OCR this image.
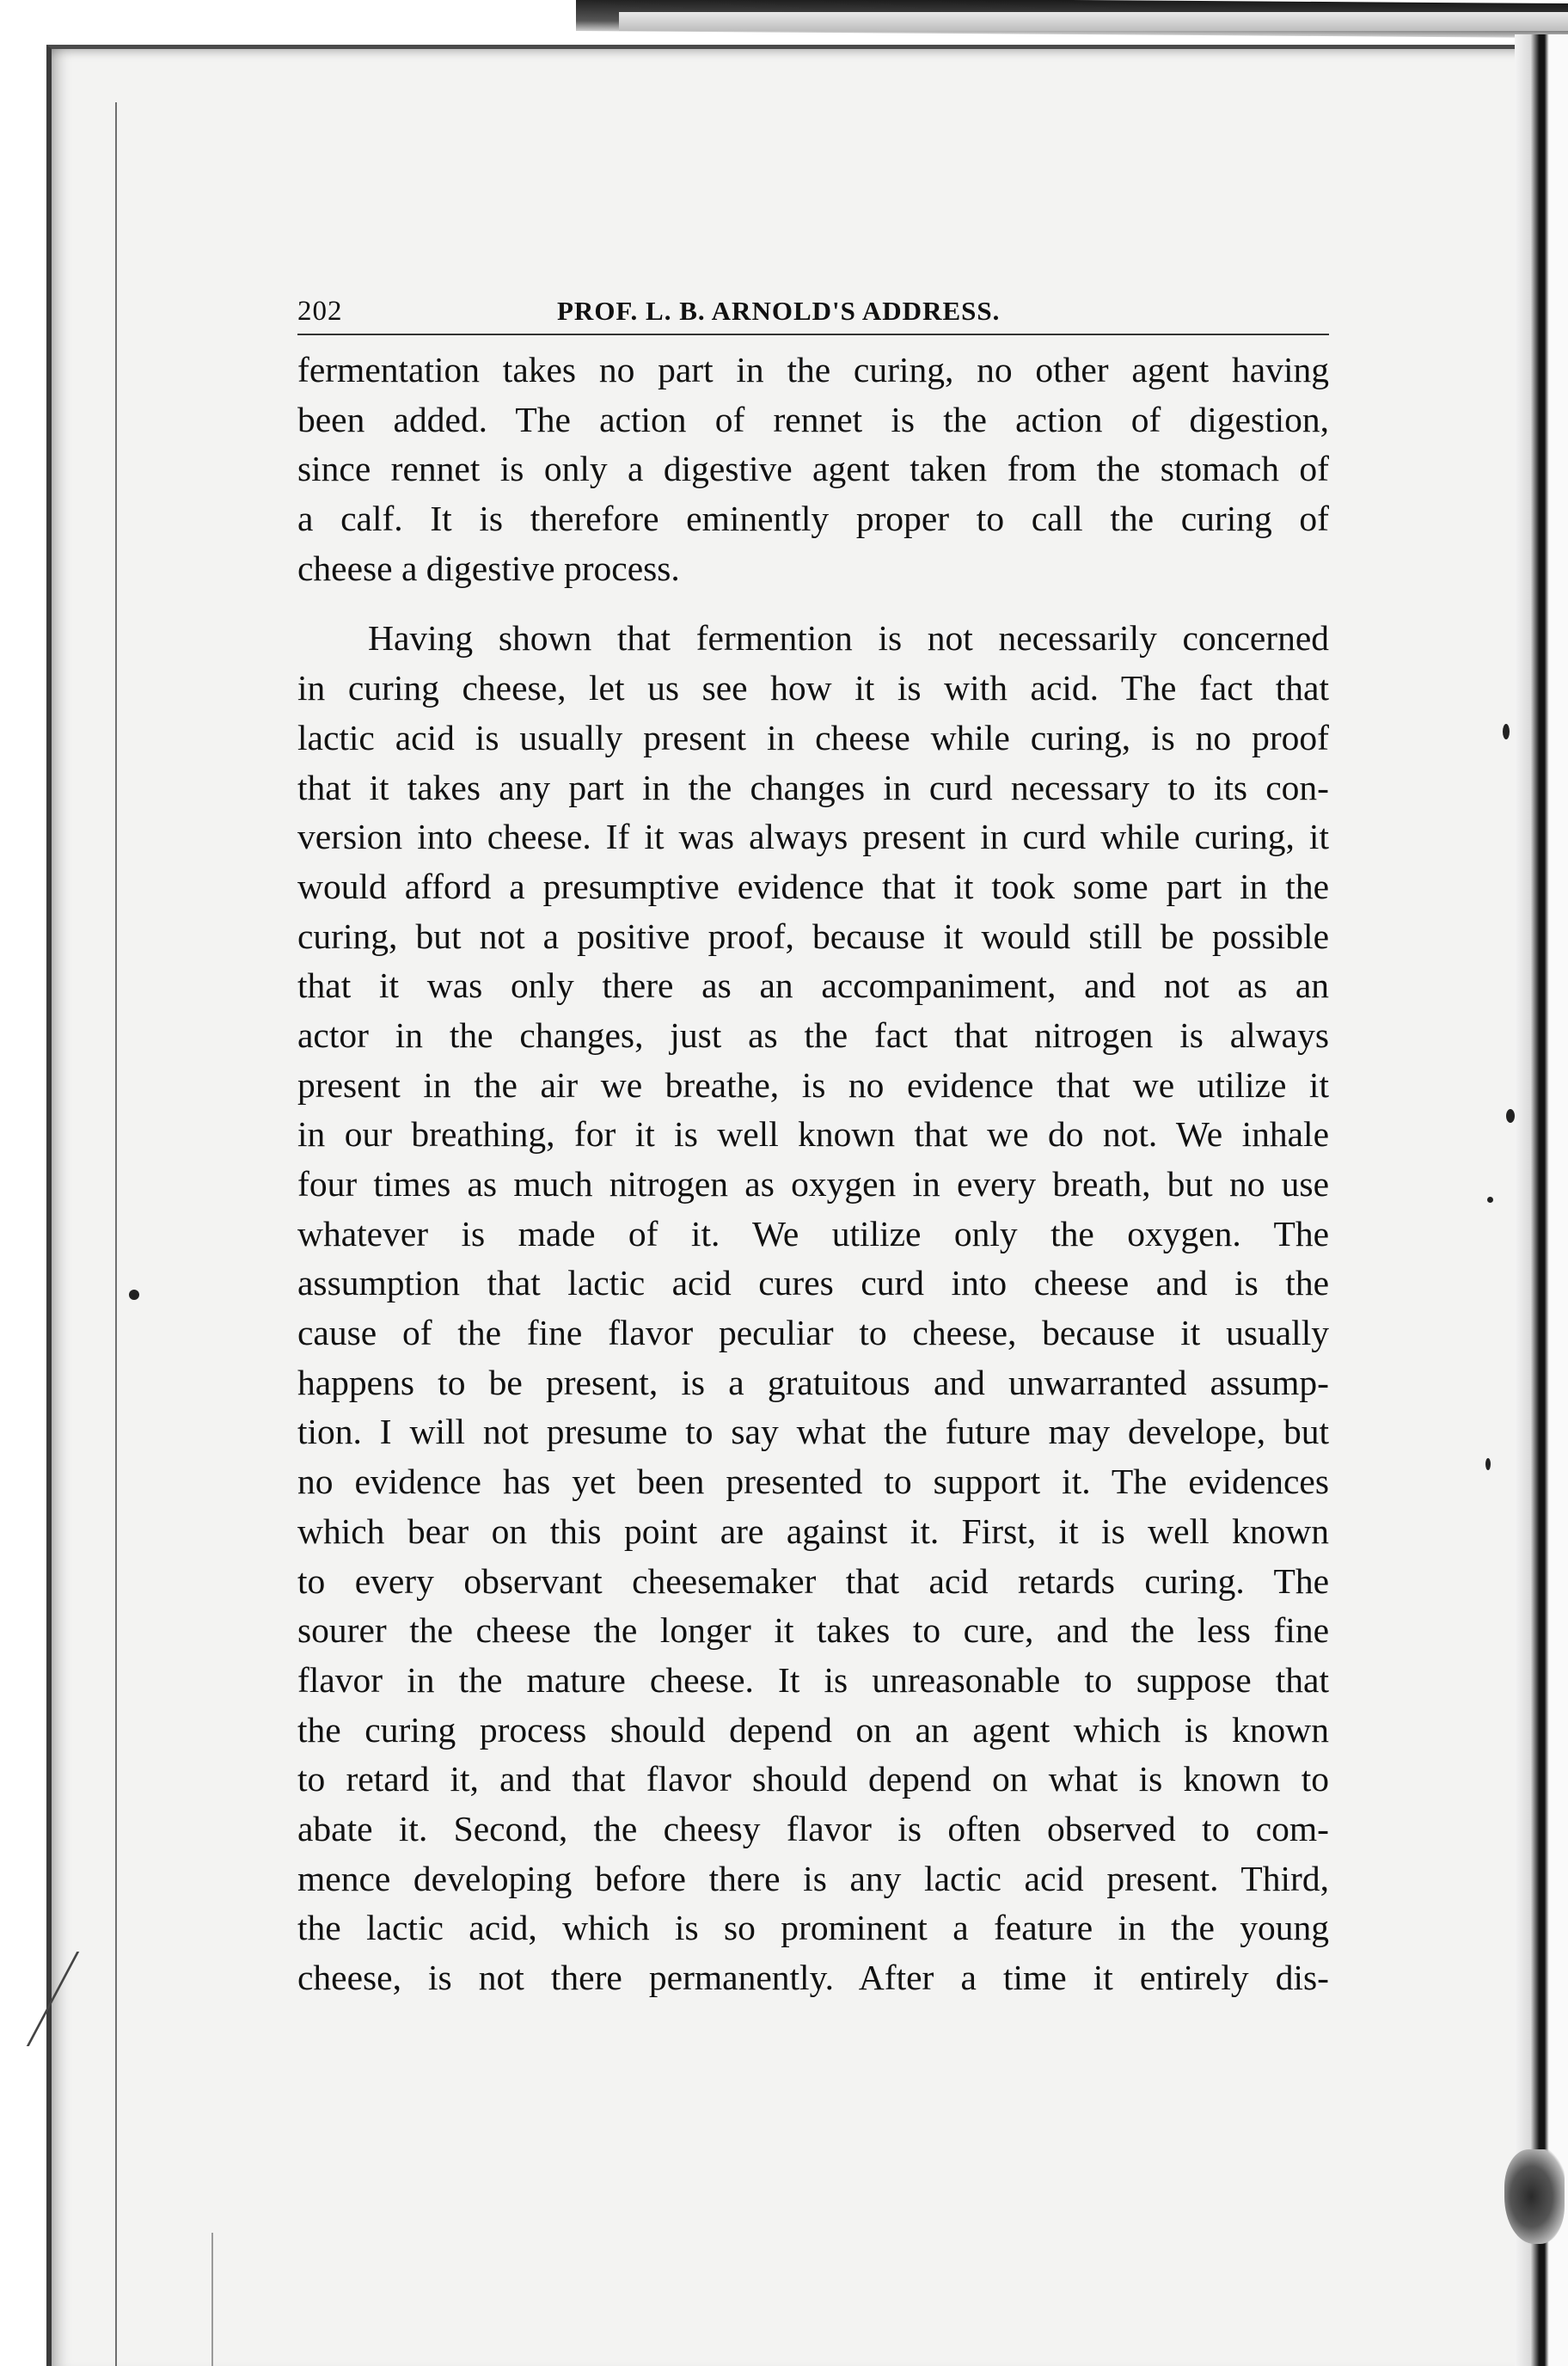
202	PROF. L. B. ARNOLD'S ADDRESS.

fermentation takes no part in the curing, no other agent having
been added. The action of rennet is the action of digestion,
since rennet is only a digestive agent taken from the stomach of
a calf. It is therefore eminently proper to call the curing of
cheese a digestive process.

Having shown that fermention is not necessarily concerned
in curing cheese, let us see how it is with acid. The fact that
lactic acid is usually present in cheese while curing, is no proof
that it takes any part in the changes in curd necessary to its con-
version into cheese. If it was always present in curd while curing, it
would afford a presumptive evidence that it took some part in the
curing, but not a positive proof, because it would still be possible
that it was only there as an accompaniment, and not as an
actor in the changes, just as the fact that nitrogen is always
present in the air we breathe, is no evidence that we utilize it
in our breathing, for it is well known that we do not. We inhale
four times as much nitrogen as oxygen in every breath, but no use
whatever is made of it. We utilize only the oxygen. The
assumption that lactic acid cures curd into cheese and is the
cause of the fine flavor peculiar to cheese, because it usually
happens to be present, is a gratuitous and unwarranted assump-
tion. I will not presume to say what the future may develope, but
no evidence has yet been presented to support it. The evidences
which bear on this point are against it. First, it is well known
to every observant cheesemaker that acid retards curing. The
sourer the cheese the longer it takes to cure, and the less fine
flavor in the mature cheese. It is unreasonable to suppose that
the curing process should depend on an agent which is known
to retard it, and that flavor should depend on what is known to
abate it. Second, the cheesy flavor is often observed to com-
mence developing before there is any lactic acid present. Third,
the lactic acid, which is so prominent a feature in the young
cheese, is not there permanently. After a time it entirely dis-
